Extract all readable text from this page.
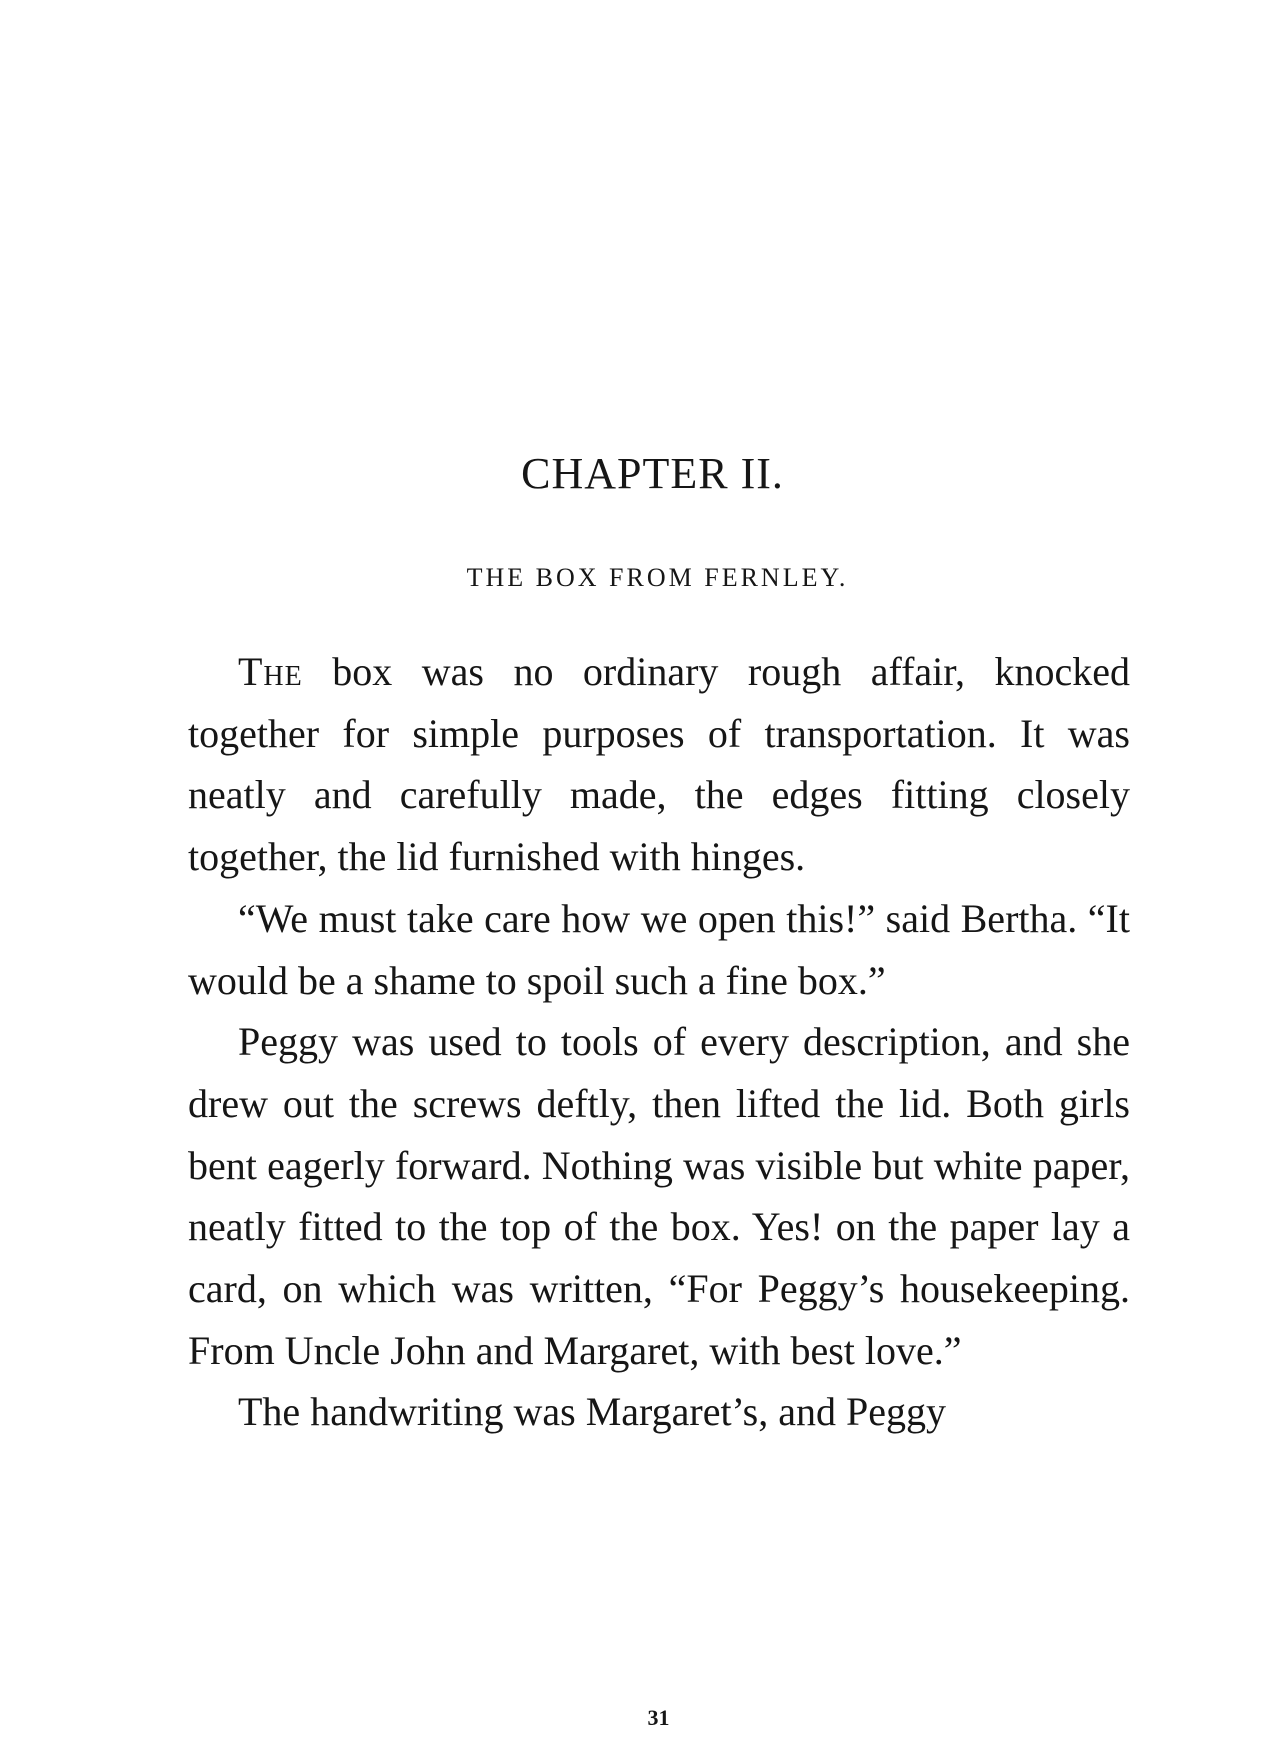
CHAPTER II.
THE BOX FROM FERNLEY.

The box was no ordinary rough affair, knocked together for simple purposes of transportation. It was neatly and carefully made, the edges fitting closely together, the lid furnished with hinges.

“We must take care how we open this!” said Bertha. “It would be a shame to spoil such a fine box.”

Peggy was used to tools of every description, and she drew out the screws deftly, then lifted the lid. Both girls bent eagerly forward. Nothing was visible but white paper, neatly fitted to the top of the box. Yes! on the paper lay a card, on which was written, “For Peggy’s housekeeping. From Uncle John and Margaret, with best love.”

The handwriting was Margaret’s, and Peggy

31
